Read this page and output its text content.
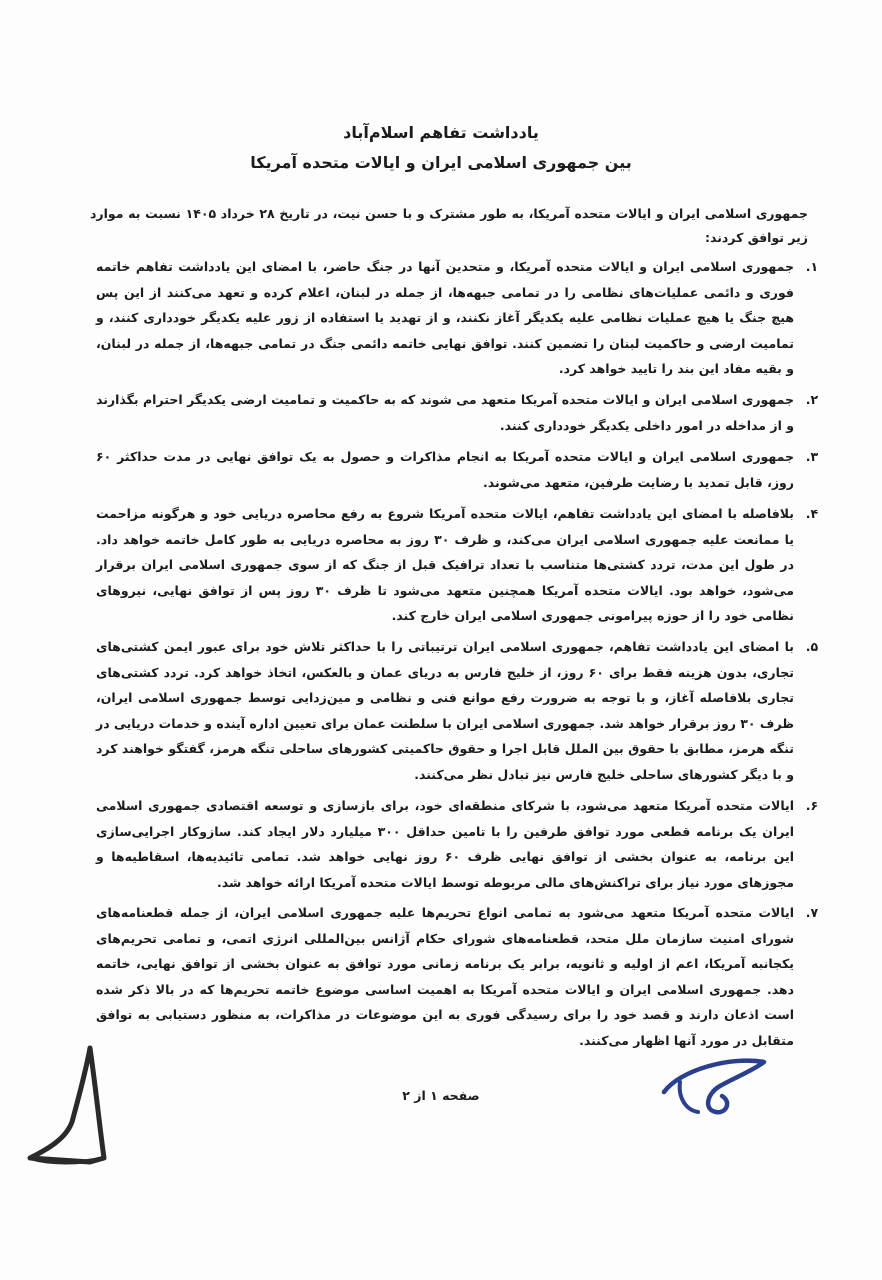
یادداشت تفاهم اسلام‌آباد
بین جمهوری اسلامی ایران و ایالات متحده آمریکا
جمهوری اسلامی ایران و ایالات متحده آمریکا، به طور مشترک و با حسن نیت، در تاریخ ۲۸ خرداد ۱۴۰۵ نسبت به موارد زیر توافق کردند:
۱.
جمهوری اسلامی ایران و ایالات متحده آمریکا، و متحدین آنها در جنگ حاضر، با امضای این یادداشت تفاهم خاتمه فوری و دائمی عملیات‌های نظامی را در تمامی جبهه‌ها، از جمله در لبنان، اعلام کرده و تعهد می‌کنند از این پس هیچ جنگ یا هیچ عملیات نظامی علیه یکدیگر آغاز نکنند، و از تهدید یا استفاده از زور علیه یکدیگر خودداری کنند، و تمامیت ارضی و حاکمیت لبنان را تضمین کنند. توافق نهایی خاتمه دائمی جنگ در تمامی جبهه‌ها، از جمله در لبنان، و بقیه مفاد این بند را تایید خواهد کرد.
۲.
جمهوری اسلامی ایران و ایالات متحده آمریکا متعهد می شوند که به حاکمیت و تمامیت ارضی یکدیگر احترام بگذارند و از مداخله در امور داخلی یکدیگر خودداری کنند.
۳.
جمهوری اسلامی ایران و ایالات متحده آمریکا به انجام مذاکرات و حصول به یک توافق نهایی در مدت حداکثر ۶۰ روز، قابل تمدید با رضایت طرفین، متعهد می‌شوند.
۴.
بلافاصله با امضای این یادداشت تفاهم، ایالات متحده آمریکا شروع به رفع محاصره دریایی خود و هرگونه مزاحمت یا ممانعت علیه جمهوری اسلامی ایران می‌کند، و ظرف ۳۰ روز به محاصره دریایی به طور کامل خاتمه خواهد داد. در طول این مدت، تردد کشتی‌ها متناسب با تعداد ترافیک قبل از جنگ که از سوی جمهوری اسلامی ایران برقرار می‌شود، خواهد بود. ایالات متحده آمریکا همچنین متعهد می‌شود تا ظرف ۳۰ روز پس از توافق نهایی، نیروهای نظامی خود را از حوزه پیرامونی جمهوری اسلامی ایران خارج کند.
۵.
با امضای این یادداشت تفاهم، جمهوری اسلامی ایران ترتیباتی را با حداکثر تلاش خود برای عبور ایمن کشتی‌های تجاری، بدون هزینه فقط برای ۶۰ روز، از خلیج فارس به دریای عمان و بالعکس، اتخاذ خواهد کرد. تردد کشتی‌های تجاری بلافاصله آغاز، و با توجه به ضرورت رفع موانع فنی و نظامی و مین‌زدایی توسط جمهوری اسلامی ایران، ظرف ۳۰ روز برقرار خواهد شد. جمهوری اسلامی ایران با سلطنت عمان برای تعیین اداره آینده و خدمات دریایی در تنگه هرمز، مطابق با حقوق بین الملل قابل اجرا و حقوق حاکمیتی کشورهای ساحلی تنگه هرمز، گفتگو خواهند کرد و با دیگر کشورهای ساحلی خلیج فارس نیز تبادل نظر می‌کنند.
۶.
ایالات متحده آمریکا متعهد می‌شود، با شرکای منطقه‌ای خود، برای بازسازی و توسعه اقتصادی جمهوری اسلامی ایران یک برنامه قطعی مورد توافق طرفین را با تامین حداقل ۳۰۰ میلیارد دلار ایجاد کند. سازوکار اجرایی‌سازی این برنامه، به عنوان بخشی از توافق نهایی ظرف ۶۰ روز نهایی خواهد شد. تمامی تائیدیه‌ها، اسقاطیه‌ها و مجوزهای مورد نیاز برای تراکنش‌های مالی مربوطه توسط ایالات متحده آمریکا ارائه خواهد شد.
۷.
ایالات متحده آمریکا متعهد می‌شود به تمامی انواع تحریم‌ها علیه جمهوری اسلامی ایران، از جمله قطعنامه‌های شورای امنیت سازمان ملل متحد، قطعنامه‌های شورای حکام آژانس بین‌المللی انرژی اتمی، و تمامی تحریم‌های یکجانبه آمریکا، اعم از اولیه و ثانویه، برابر یک برنامه زمانی مورد توافق به عنوان بخشی از توافق نهایی، خاتمه دهد. جمهوری اسلامی ایران و ایالات متحده آمریکا به اهمیت اساسی موضوع خاتمه تحریم‌ها که در بالا ذکر شده است اذعان دارند و قصد خود را برای رسیدگی فوری به این موضوعات در مذاکرات، به منظور دستیابی به توافق متقابل در مورد آنها اظهار می‌کنند.
صفحه ۱ از ۲
